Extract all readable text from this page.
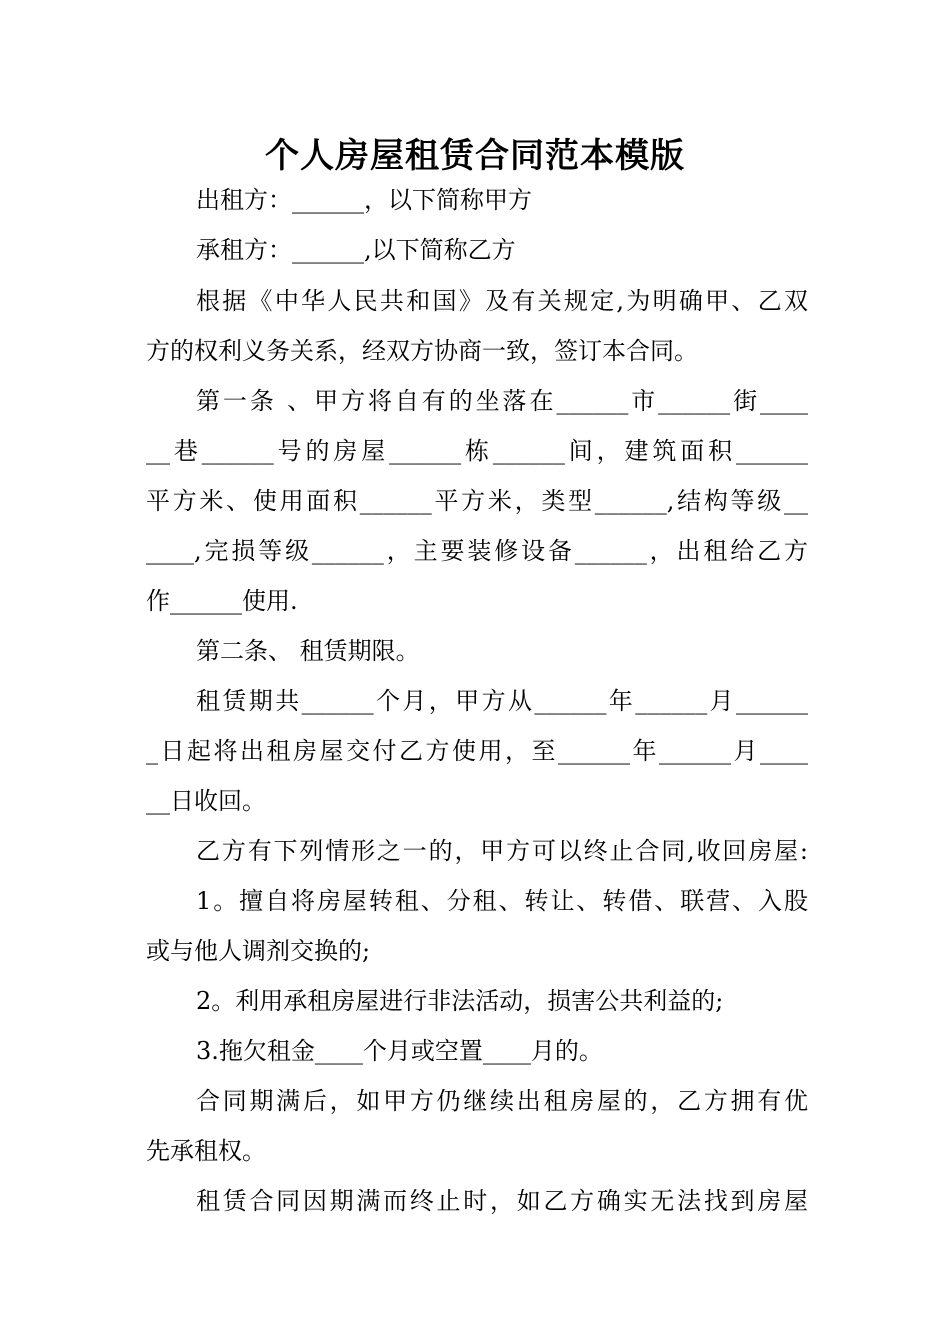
个人房屋租赁合同范本模版
出租方：______，以下简称甲方
承租方：______,以下简称乙方
根据《中华人民共和国》及有关规定,为明确甲、乙双
方的权利义务关系，经双方协商一致，签订本合同。
第一条 、甲方将自有的坐落在______市______街____
__巷______号的房屋______栋______间，建筑面积______
平方米、使用面积______平方米，类型______,结构等级__
____,完损等级______，主要装修设备______，出租给乙方
作______使用.
第二条、 租赁期限。
租赁期共______个月，甲方从______年______月______
_日起将出租房屋交付乙方使用，至______年______月____
__日收回。
乙方有下列情形之一的，甲方可以终止合同,收回房屋:
1。擅自将房屋转租、分租、转让、转借、联营、入股
或与他人调剂交换的;
2。利用承租房屋进行非法活动，损害公共利益的;
3.拖欠租金____个月或空置____月的。
合同期满后，如甲方仍继续出租房屋的，乙方拥有优
先承租权。
租赁合同因期满而终止时，如乙方确实无法找到房屋
